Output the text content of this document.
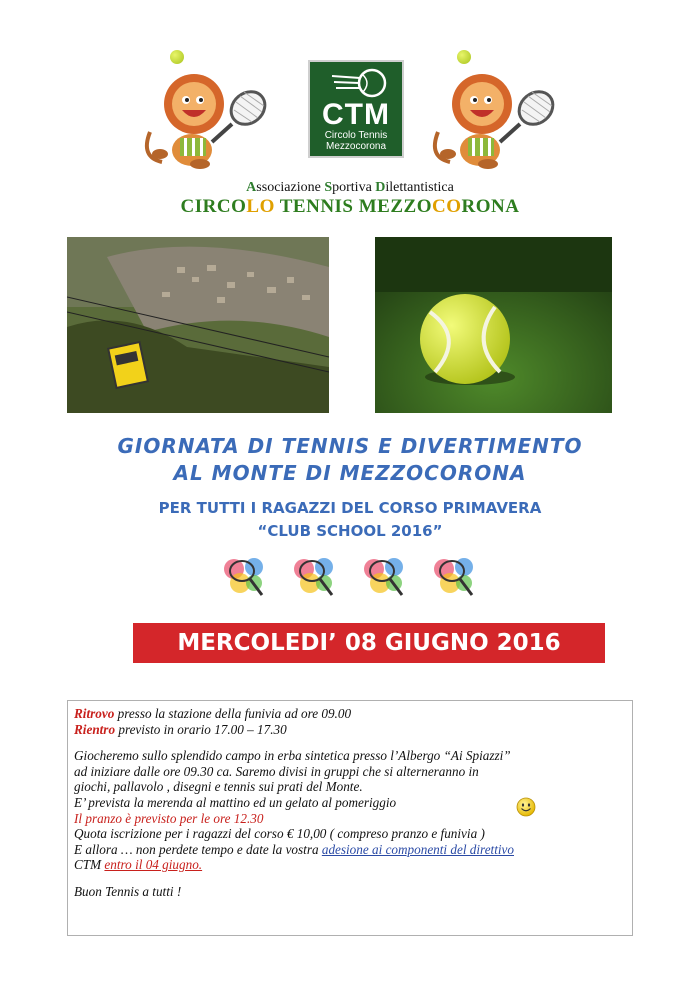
CTM
Circolo Tennis
Mezzocorona
Associazione Sportiva Dilettantistica
CIRCOLO TENNIS MEZZOCORONA
GIORNATA DI TENNIS E DIVERTIMENTO
AL MONTE DI MEZZOCORONA
PER TUTTI I RAGAZZI DEL CORSO PRIMAVERA
“CLUB SCHOOL 2016”
MERCOLEDI’ 08 GIUGNO 2016

Ritrovo presso la stazione della funivia ad ore 09.00

Rientro previsto in orario 17.00 – 17.30

Giocheremo sullo splendido campo in erba sintetica presso l’Albergo “Ai Spiazzi”

ad iniziare dalle ore 09.30 ca. Saremo divisi in gruppi che si alterneranno in

giochi, pallavolo , disegni e tennis sui prati del Monte.

E’ prevista la merenda al mattino ed un gelato al pomeriggio

Il pranzo è previsto per le ore 12.30

Quota iscrizione per i ragazzi del corso € 10,00 ( compreso pranzo e funivia )

E allora … non perdete tempo e date la vostra adesione ai componenti del direttivo

CTM entro il 04 giugno.

Buon Tennis a tutti !
